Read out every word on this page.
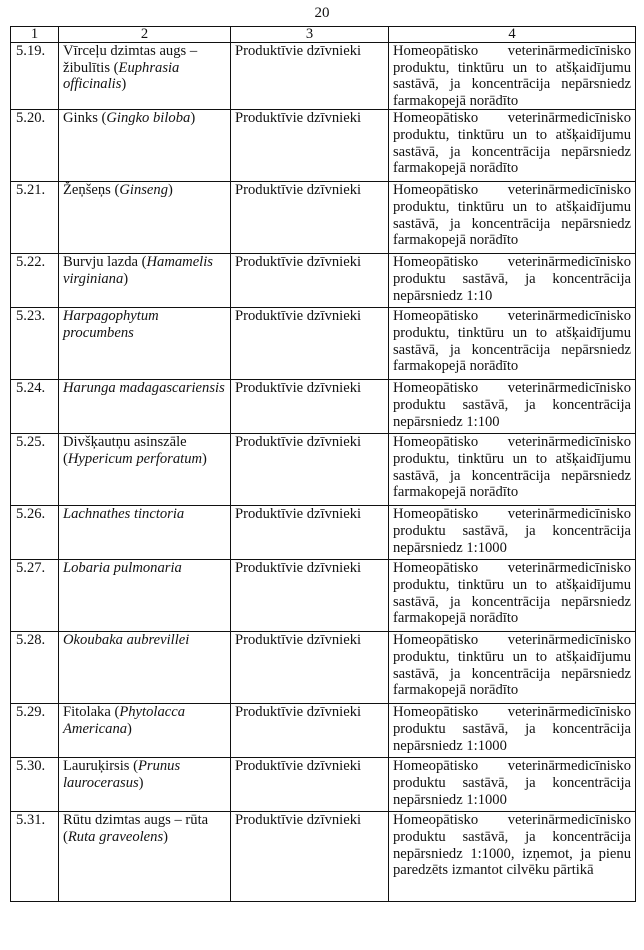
20
1	2	3	4
5.19.	Vīrceļu dzimtas augs – žibulītis (Euphrasia officinalis)	Produktīvie dzīvnieki	Homeopātisko veterinārmedicīnisko produktu, tinktūru un to atšķaidījumu sastāvā, ja koncentrācija nepārsniedz farmakopejā norādīto
5.20.	Ginks (Gingko biloba)	Produktīvie dzīvnieki	Homeopātisko veterinārmedicīnisko produktu, tinktūru un to atšķaidījumu sastāvā, ja koncentrācija nepārsniedz farmakopejā norādīto
5.21.	Žeņšeņs (Ginseng)	Produktīvie dzīvnieki	Homeopātisko veterinārmedicīnisko produktu, tinktūru un to atšķaidījumu sastāvā, ja koncentrācija nepārsniedz farmakopejā norādīto
5.22.	Burvju lazda (Hamamelis virginiana)	Produktīvie dzīvnieki	Homeopātisko veterinārmedicīnisko produktu sastāvā, ja koncentrācija nepārsniedz 1:10
5.23.	Harpagophytum procumbens	Produktīvie dzīvnieki	Homeopātisko veterinārmedicīnisko produktu, tinktūru un to atšķaidījumu sastāvā, ja koncentrācija nepārsniedz farmakopejā norādīto
5.24.	Harunga madagascariensis	Produktīvie dzīvnieki	Homeopātisko veterinārmedicīnisko produktu sastāvā, ja koncentrācija nepārsniedz 1:100
5.25.	Divšķautņu asinszāle (Hypericum perforatum)	Produktīvie dzīvnieki	Homeopātisko veterinārmedicīnisko produktu, tinktūru un to atšķaidījumu sastāvā, ja koncentrācija nepārsniedz farmakopejā norādīto
5.26.	Lachnathes tinctoria	Produktīvie dzīvnieki	Homeopātisko veterinārmedicīnisko produktu sastāvā, ja koncentrācija nepārsniedz 1:1000
5.27.	Lobaria pulmonaria	Produktīvie dzīvnieki	Homeopātisko veterinārmedicīnisko produktu, tinktūru un to atšķaidījumu sastāvā, ja koncentrācija nepārsniedz farmakopejā norādīto
5.28.	Okoubaka aubrevillei	Produktīvie dzīvnieki	Homeopātisko veterinārmedicīnisko produktu, tinktūru un to atšķaidījumu sastāvā, ja koncentrācija nepārsniedz farmakopejā norādīto
5.29.	Fitolaka (Phytolacca Americana)	Produktīvie dzīvnieki	Homeopātisko veterinārmedicīnisko produktu sastāvā, ja koncentrācija nepārsniedz 1:1000
5.30.	Lauruķirsis (Prunus laurocerasus)	Produktīvie dzīvnieki	Homeopātisko veterinārmedicīnisko produktu sastāvā, ja koncentrācija nepārsniedz 1:1000
5.31.	Rūtu dzimtas augs – rūta (Ruta graveolens)	Produktīvie dzīvnieki	Homeopātisko veterinārmedicīnisko produktu sastāvā, ja koncentrācija nepārsniedz 1:1000, izņemot, ja pienu paredzēts izmantot cilvēku pārtikā
